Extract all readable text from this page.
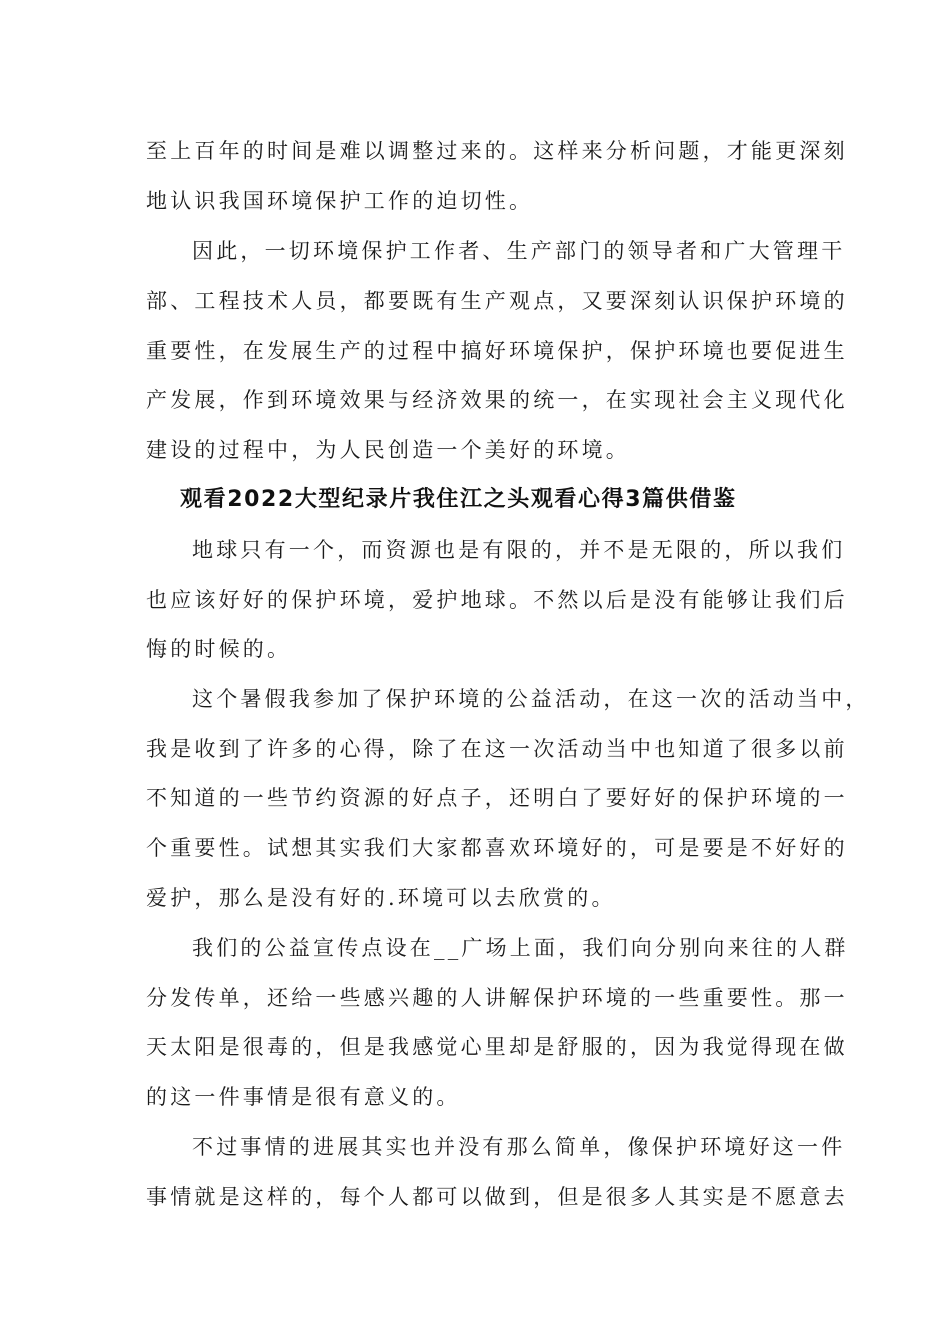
至上百年的时间是难以调整过来的。这样来分析问题，才能更深刻
地认识我国环境保护工作的迫切性。
因此，一切环境保护工作者、生产部门的领导者和广大管理干
部、工程技术人员，都要既有生产观点，又要深刻认识保护环境的
重要性，在发展生产的过程中搞好环境保护，保护环境也要促进生
产发展，作到环境效果与经济效果的统一，在实现社会主义现代化
建设的过程中，为人民创造一个美好的环境。
观看2022大型纪录片我住江之头观看心得3篇供借鉴
地球只有一个，而资源也是有限的，并不是无限的，所以我们
也应该好好的保护环境，爱护地球。不然以后是没有能够让我们后
悔的时候的。
这个暑假我参加了保护环境的公益活动，在这一次的活动当中，
我是收到了许多的心得，除了在这一次活动当中也知道了很多以前
不知道的一些节约资源的好点子，还明白了要好好的保护环境的一
个重要性。试想其实我们大家都喜欢环境好的，可是要是不好好的
爱护，那么是没有好的.环境可以去欣赏的。
我们的公益宣传点设在__广场上面，我们向分别向来往的人群
分发传单，还给一些感兴趣的人讲解保护环境的一些重要性。那一
天太阳是很毒的，但是我感觉心里却是舒服的，因为我觉得现在做
的这一件事情是很有意义的。
不过事情的进展其实也并没有那么简单，像保护环境好这一件
事情就是这样的，每个人都可以做到，但是很多人其实是不愿意去
